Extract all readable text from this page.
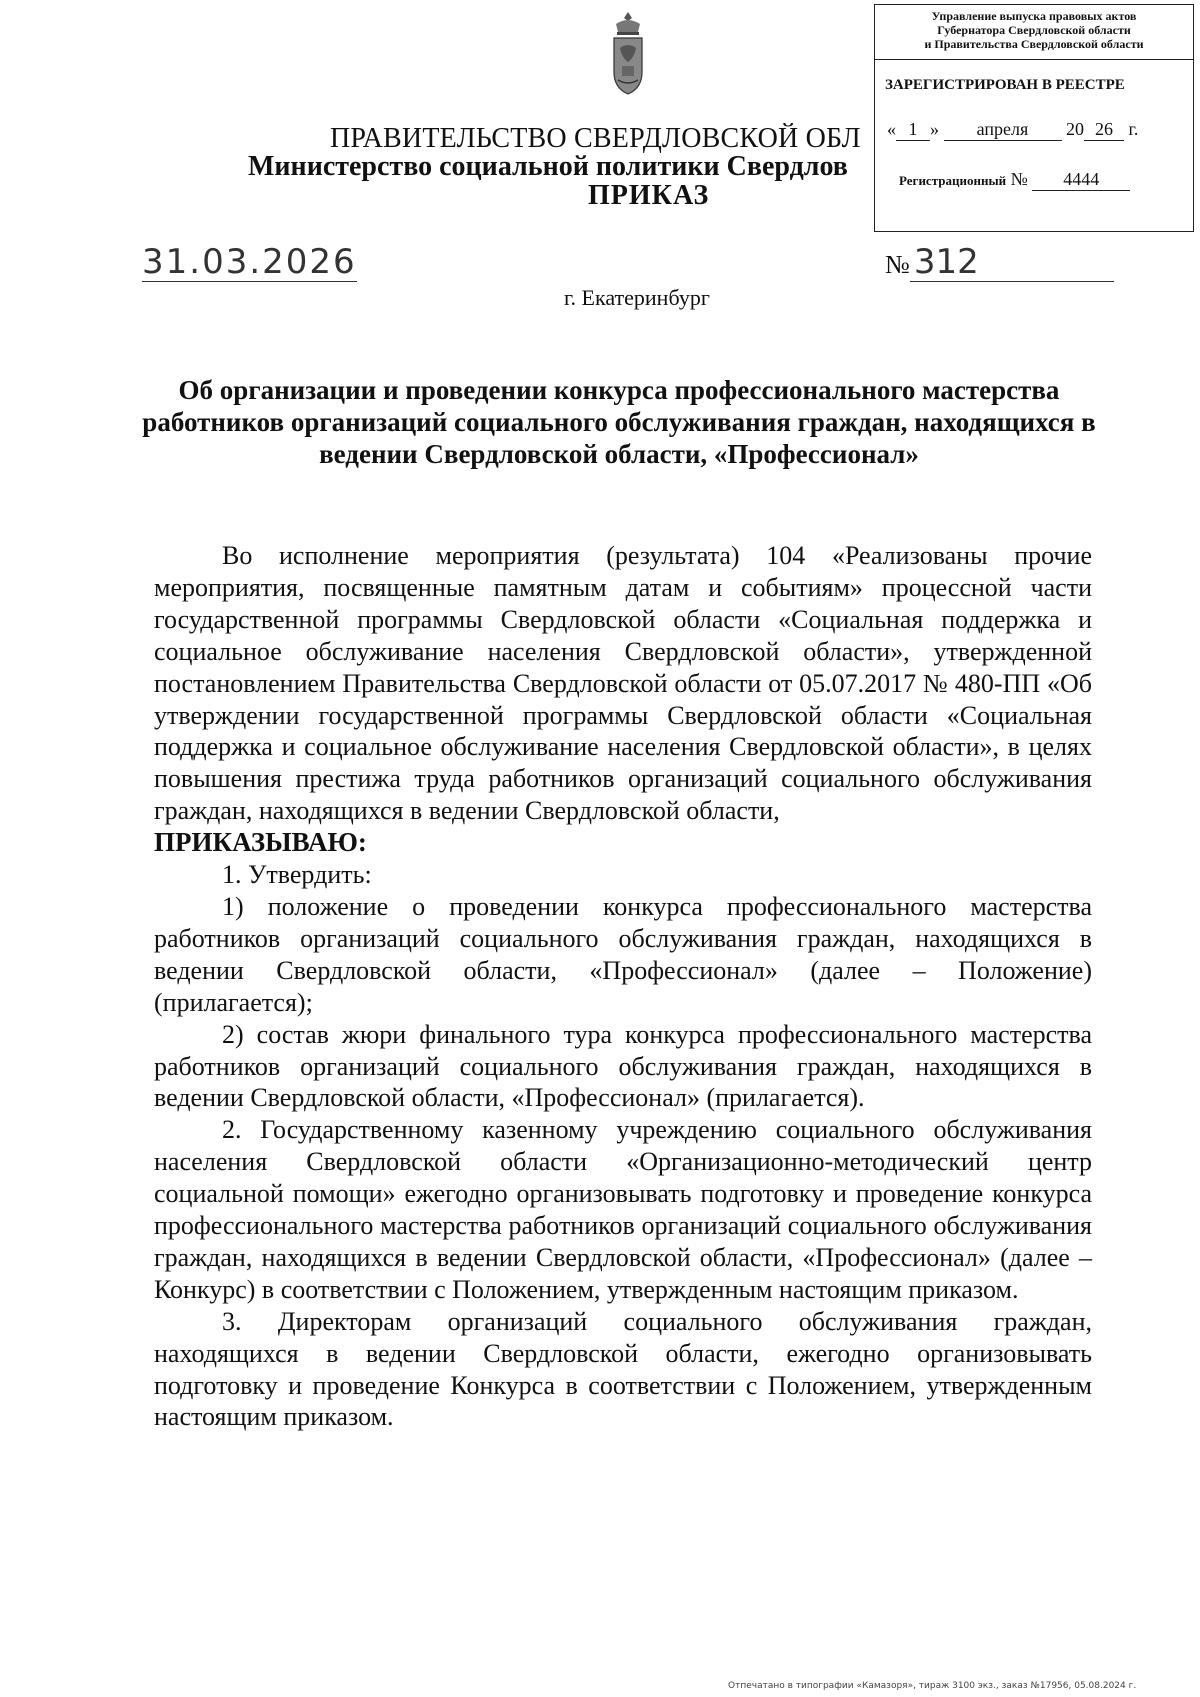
ПРАВИТЕЛЬСТВО СВЕРДЛОВСКОЙ ОБЛ
Министерство социальной политики Свердлов
ПРИКАЗ
Управление выпуска правовых актов
Губернатора Свердловской области
и Правительства Свердловской области
ЗАРЕГИСТРИРОВАН В РЕЕСТРЕ
« 1 » апреля 20 26 г.
Регистрационный № 4444
31.03.2026	№ 312
г. Екатеринбург
Об организации и проведении конкурса профессионального мастерства работников организаций социального обслуживания граждан, находящихся в ведении Свердловской области, «Профессионал»

Во исполнение мероприятия (результата) 104 «Реализованы прочие мероприятия, посвященные памятным датам и событиям» процессной части государственной программы Свердловской области «Социальная поддержка и социальное обслуживание населения Свердловской области», утвержденной постановлением Правительства Свердловской области от 05.07.2017 № 480-ПП «Об утверждении государственной программы Свердловской области «Социальная поддержка и социальное обслуживание населения Свердловской области», в целях повышения престижа труда работников организаций социального обслуживания граждан, находящихся в ведении Свердловской области,

ПРИКАЗЫВАЮ:

1. Утвердить:

1) положение о проведении конкурса профессионального мастерства работников организаций социального обслуживания граждан, находящихся в ведении Свердловской области, «Профессионал» (далее – Положение) (прилагается);

2) состав жюри финального тура конкурса профессионального мастерства работников организаций социального обслуживания граждан, находящихся в ведении Свердловской области, «Профессионал» (прилагается).

2. Государственному казенному учреждению социального обслуживания населения Свердловской области «Организационно-методический центр социальной помощи» ежегодно организовывать подготовку и проведение конкурса профессионального мастерства работников организаций социального обслуживания граждан, находящихся в ведении Свердловской области, «Профессионал» (далее – Конкурс) в соответствии с Положением, утвержденным настоящим приказом.

3. Директорам организаций социального обслуживания граждан, находящихся в ведении Свердловской области, ежегодно организовывать подготовку и проведение Конкурса в соответствии с Положением, утвержденным настоящим приказом.

Отпечатано в типографии «Камазоря», тираж 3100 экз., заказ №17956, 05.08.2024 г.
